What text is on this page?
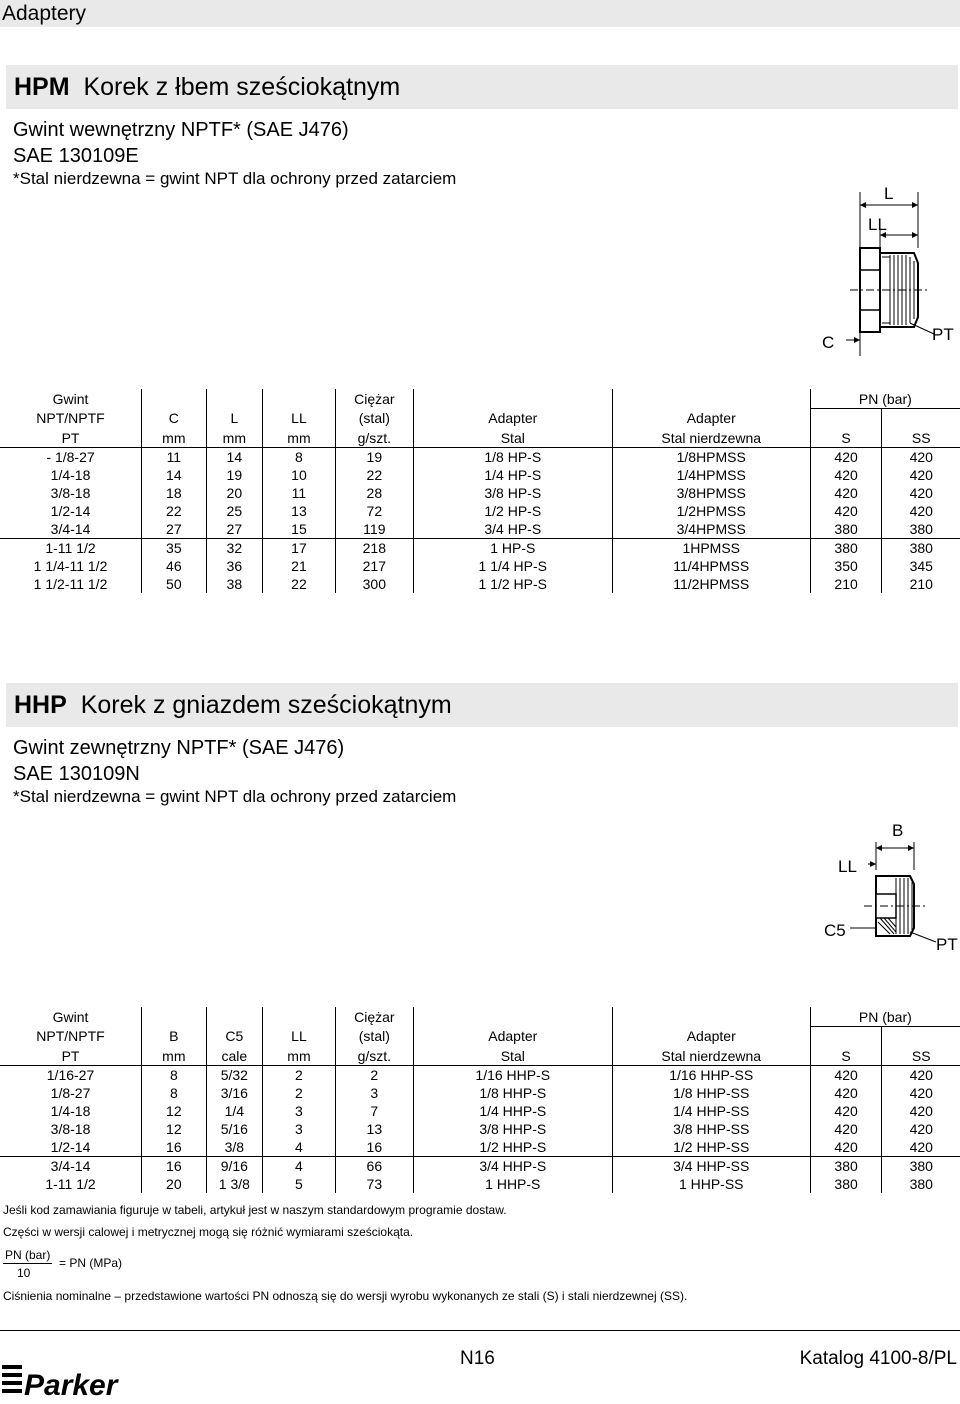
Adaptery
HPM Korek z łbem sześciokątnym
Gwint wewnętrzny NPTF* (SAE J476)
SAE 130109E
*Stal nierdzewna = gwint NPT dla ochrony przed zatarciem
L
LL
C	PT
Gwint				Ciężar			PN (bar)	
NPT/NPTF	C	L	LL	(stal)	Adapter	Adapter		
PT	mm	mm	mm	g/szt.	Stal	Stal nierdzewna	S	SS
- 1/8-27	11	14	8	19	1/8 HP-S	1/8HPMSS	420	420
1/4-18	14	19	10	22	1/4 HP-S	1/4HPMSS	420	420
3/8-18	18	20	11	28	3/8 HP-S	3/8HPMSS	420	420
1/2-14	22	25	13	72	1/2 HP-S	1/2HPMSS	420	420
3/4-14	27	27	15	119	3/4 HP-S	3/4HPMSS	380	380
1-11 1/2	35	32	17	218	1 HP-S	1HPMSS	380	380
1 1/4-11 1/2	46	36	21	217	1 1/4 HP-S	11/4HPMSS	350	345
1 1/2-11 1/2	50	38	22	300	1 1/2 HP-S	11/2HPMSS	210	210
HHP Korek z gniazdem sześciokątnym
Gwint zewnętrzny NPTF* (SAE J476)
SAE 130109N
*Stal nierdzewna = gwint NPT dla ochrony przed zatarciem
B
LL
C5
PT
Gwint				Ciężar			PN (bar)	
NPT/NPTF	B	C5	LL	(stal)	Adapter	Adapter		
PT	mm	cale	mm	g/szt.	Stal	Stal nierdzewna	S	SS
1/16-27	8	5/32	2	2	1/16 HHP-S	1/16 HHP-SS	420	420
1/8-27	8	3/16	2	3	1/8 HHP-S	1/8 HHP-SS	420	420
1/4-18	12	1/4	3	7	1/4 HHP-S	1/4 HHP-SS	420	420
3/8-18	12	5/16	3	13	3/8 HHP-S	3/8 HHP-SS	420	420
1/2-14	16	3/8	4	16	1/2 HHP-S	1/2 HHP-SS	420	420
3/4-14	16	9/16	4	66	3/4 HHP-S	3/4 HHP-SS	380	380
1-11 1/2	20	1 3/8	5	73	1 HHP-S	1 HHP-SS	380	380
Jeśli kod zamawiania figuruje w tabeli, artykuł jest w naszym standardowym programie dostaw.
Części w wersji calowej i metrycznej mogą się różnić wymiarami sześciokąta.
PN (bar)
10
= PN (MPa)
Ciśnienia nominalne – przedstawione wartości PN odnoszą się do wersji wyrobu wykonanych ze stali (S) i stali nierdzewnej (SS).
Parker
N16	Katalog 4100-8/PL
